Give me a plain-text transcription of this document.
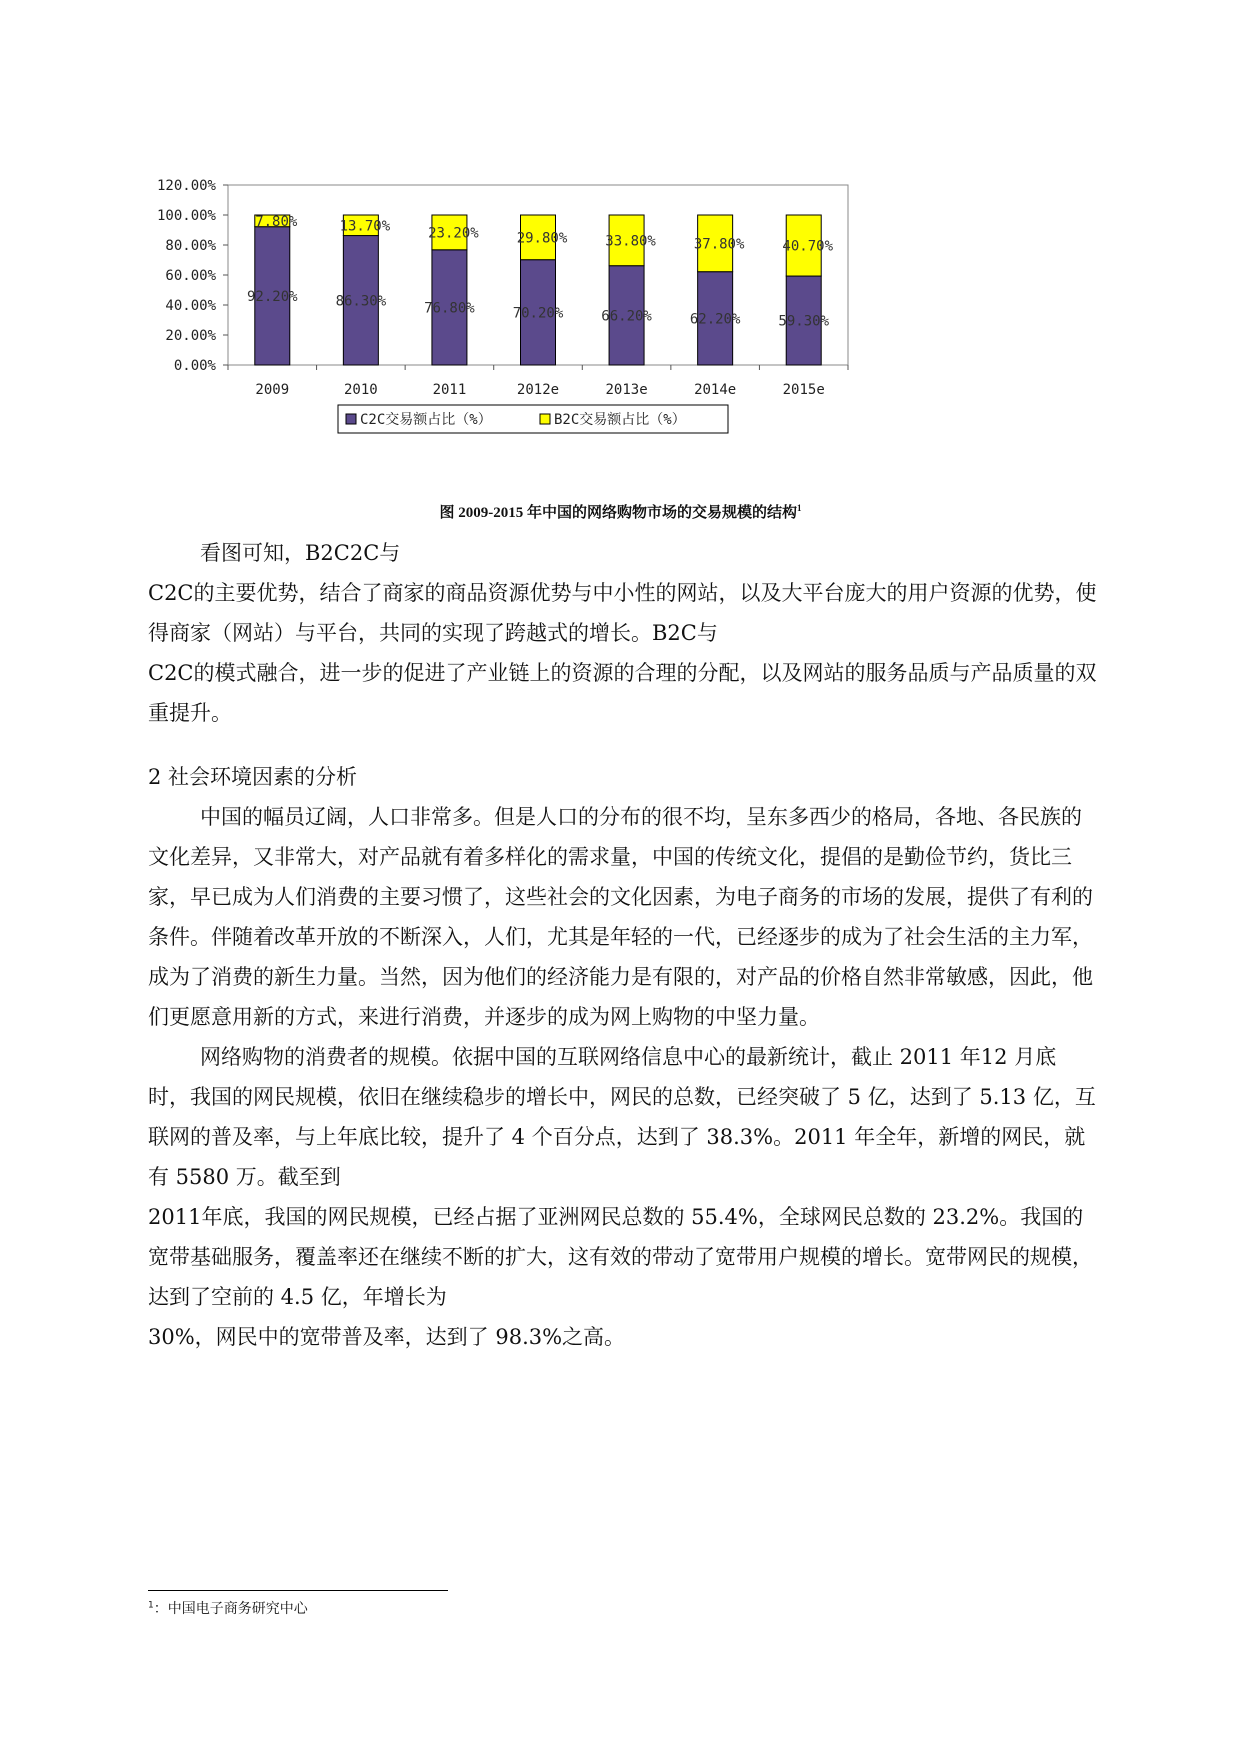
0.00%
20.00%
40.00%
60.00%
80.00%
100.00%
120.00%
92.20%
7.80%
2009
86.30%
13.70%
2010
76.80%
23.20%
2011
70.20%
29.80%
2012e
66.20%
33.80%
2013e
62.20%
37.80%
2014e
59.30%
40.70%
2015e
C2C交易额占比（%）	B2C交易额占比（%）
图 2009-2015 年中国的网络购物市场的交易规模的结构$^1$

看图可知，B2C2C与

C2C的主要优势，结合了商家的商品资源优势与中小性的网站，以及大平台庞大的用户资源的优势，使得商家（网站）与平台，共同的实现了跨越式的增长。B2C与

C2C的模式融合，进一步的促进了产业链上的资源的合理的分配，以及网站的服务品质与产品质量的双重提升。

2 社会环境因素的分析

中国的幅员辽阔，人口非常多。但是人口的分布的很不均，呈东多西少的格局，各地、各民族的文化差异，又非常大，对产品就有着多样化的需求量，中国的传统文化，提倡的是勤俭节约，货比三家，早已成为人们消费的主要习惯了，这些社会的文化因素，为电子商务的市场的发展，提供了有利的条件。伴随着改革开放的不断深入，人们，尤其是年轻的一代，已经逐步的成为了社会生活的主力军，成为了消费的新生力量。当然，因为他们的经济能力是有限的，对产品的价格自然非常敏感，因此，他们更愿意用新的方式，来进行消费，并逐步的成为网上购物的中坚力量。

网络购物的消费者的规模。依据中国的互联网络信息中心的最新统计，截止 2011 年12 月底时，我国的网民规模，依旧在继续稳步的增长中，网民的总数，已经突破了 5 亿，达到了 5.13 亿，互联网的普及率，与上年底比较，提升了 4 个百分点，达到了 38.3%。2011 年全年，新增的网民，就有 5580 万。截至到

2011年底，我国的网民规模，已经占据了亚洲网民总数的 55.4%，全球网民总数的 23.2%。我国的宽带基础服务，覆盖率还在继续不断的扩大，这有效的带动了宽带用户规模的增长。宽带网民的规模，达到了空前的 4.5 亿，年增长为

30%，网民中的宽带普及率，达到了 98.3%之高。

$^1$：中国电子商务研究中心
